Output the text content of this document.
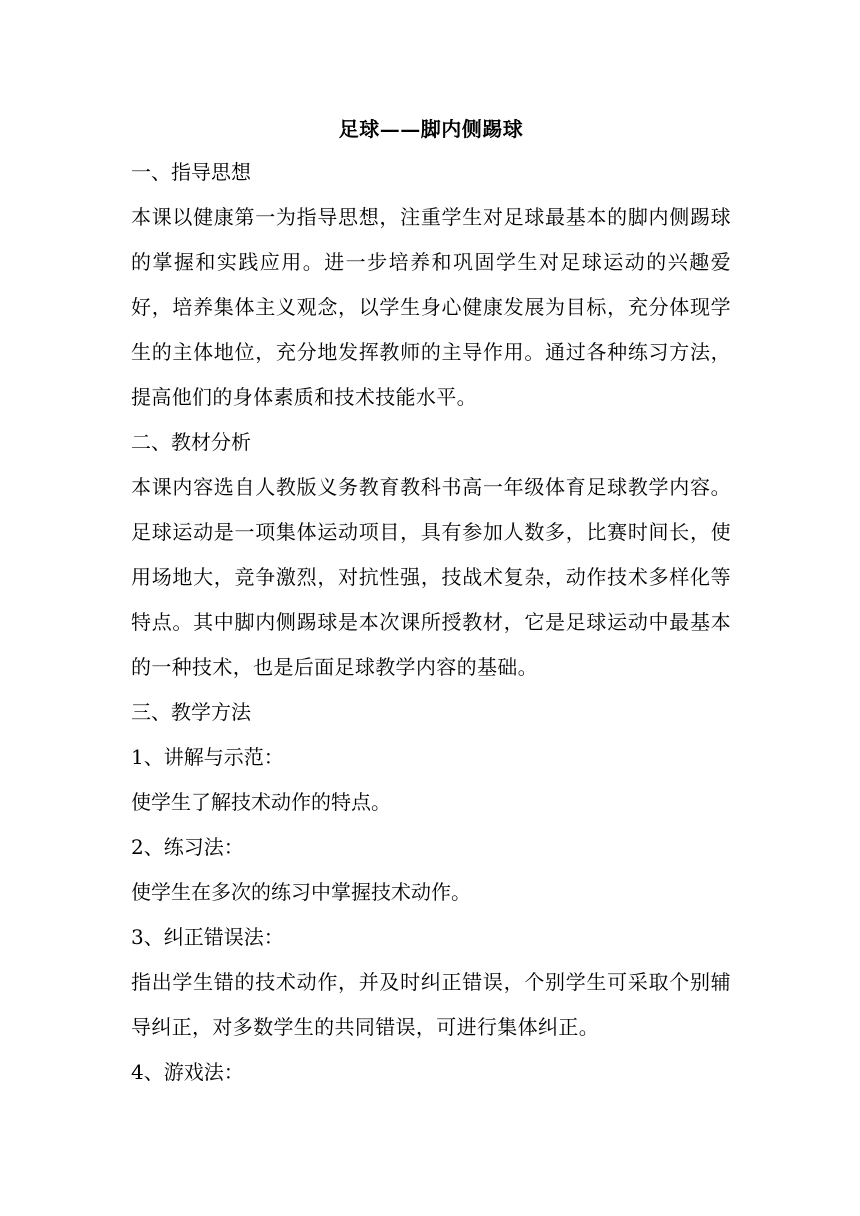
足球——脚内侧踢球
一、指导思想

本课以健康第一为指导思想，注重学生对足球最基本的脚内侧踢球的掌握和实践应用。进一步培养和巩固学生对足球运动的兴趣爱好，培养集体主义观念，以学生身心健康发展为目标，充分体现学生的主体地位，充分地发挥教师的主导作用。通过各种练习方法，提高他们的身体素质和技术技能水平。

二、教材分析

本课内容选自人教版义务教育教科书高一年级体育足球教学内容。足球运动是一项集体运动项目，具有参加人数多，比赛时间长，使用场地大，竞争激烈，对抗性强，技战术复杂，动作技术多样化等特点。其中脚内侧踢球是本次课所授教材，它是足球运动中最基本的一种技术，也是后面足球教学内容的基础。

三、教学方法
1、讲解与示范：
使学生了解技术动作的特点。
2、练习法：
使学生在多次的练习中掌握技术动作。
3、纠正错误法：

指出学生错的技术动作，并及时纠正错误，个别学生可采取个别辅导纠正，对多数学生的共同错误，可进行集体纠正。

4、游戏法：
